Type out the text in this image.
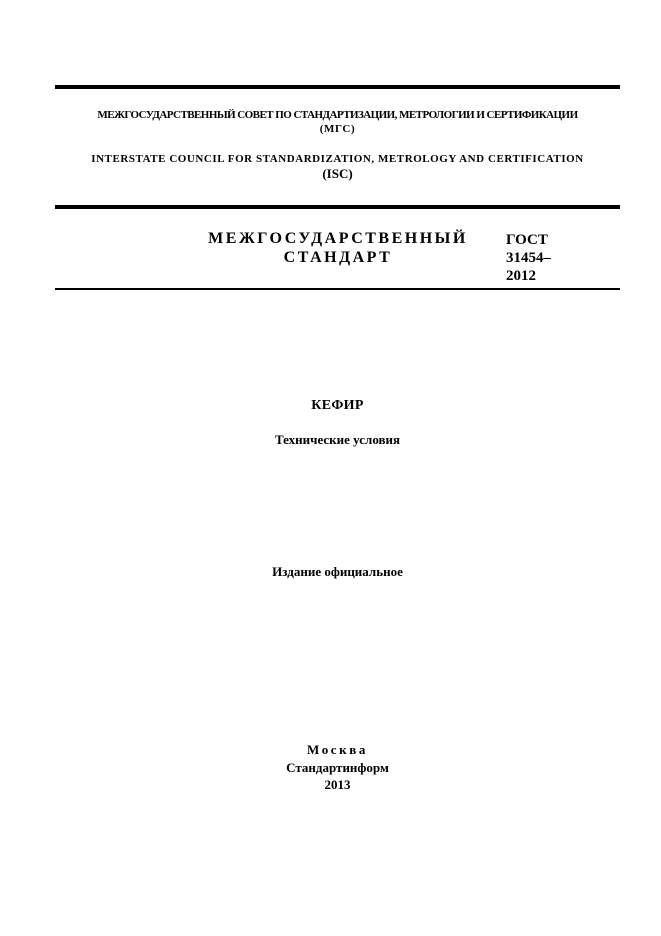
МЕЖГОСУДАРСТВЕННЫЙ СОВЕТ ПО СТАНДАРТИЗАЦИИ, МЕТРОЛОГИИ И СЕРТИФИКАЦИИ
(МГС)
INTERSTATE COUNCIL FOR STANDARDIZATION, METROLOGY AND CERTIFICATION
(ISC)
МЕЖГОСУДАРСТВЕННЫЙ
СТАНДАРТ
ГОСТ
31454–
2012
КЕФИР
Технические условия
Издание официальное
Москва
Стандартинформ
2013
